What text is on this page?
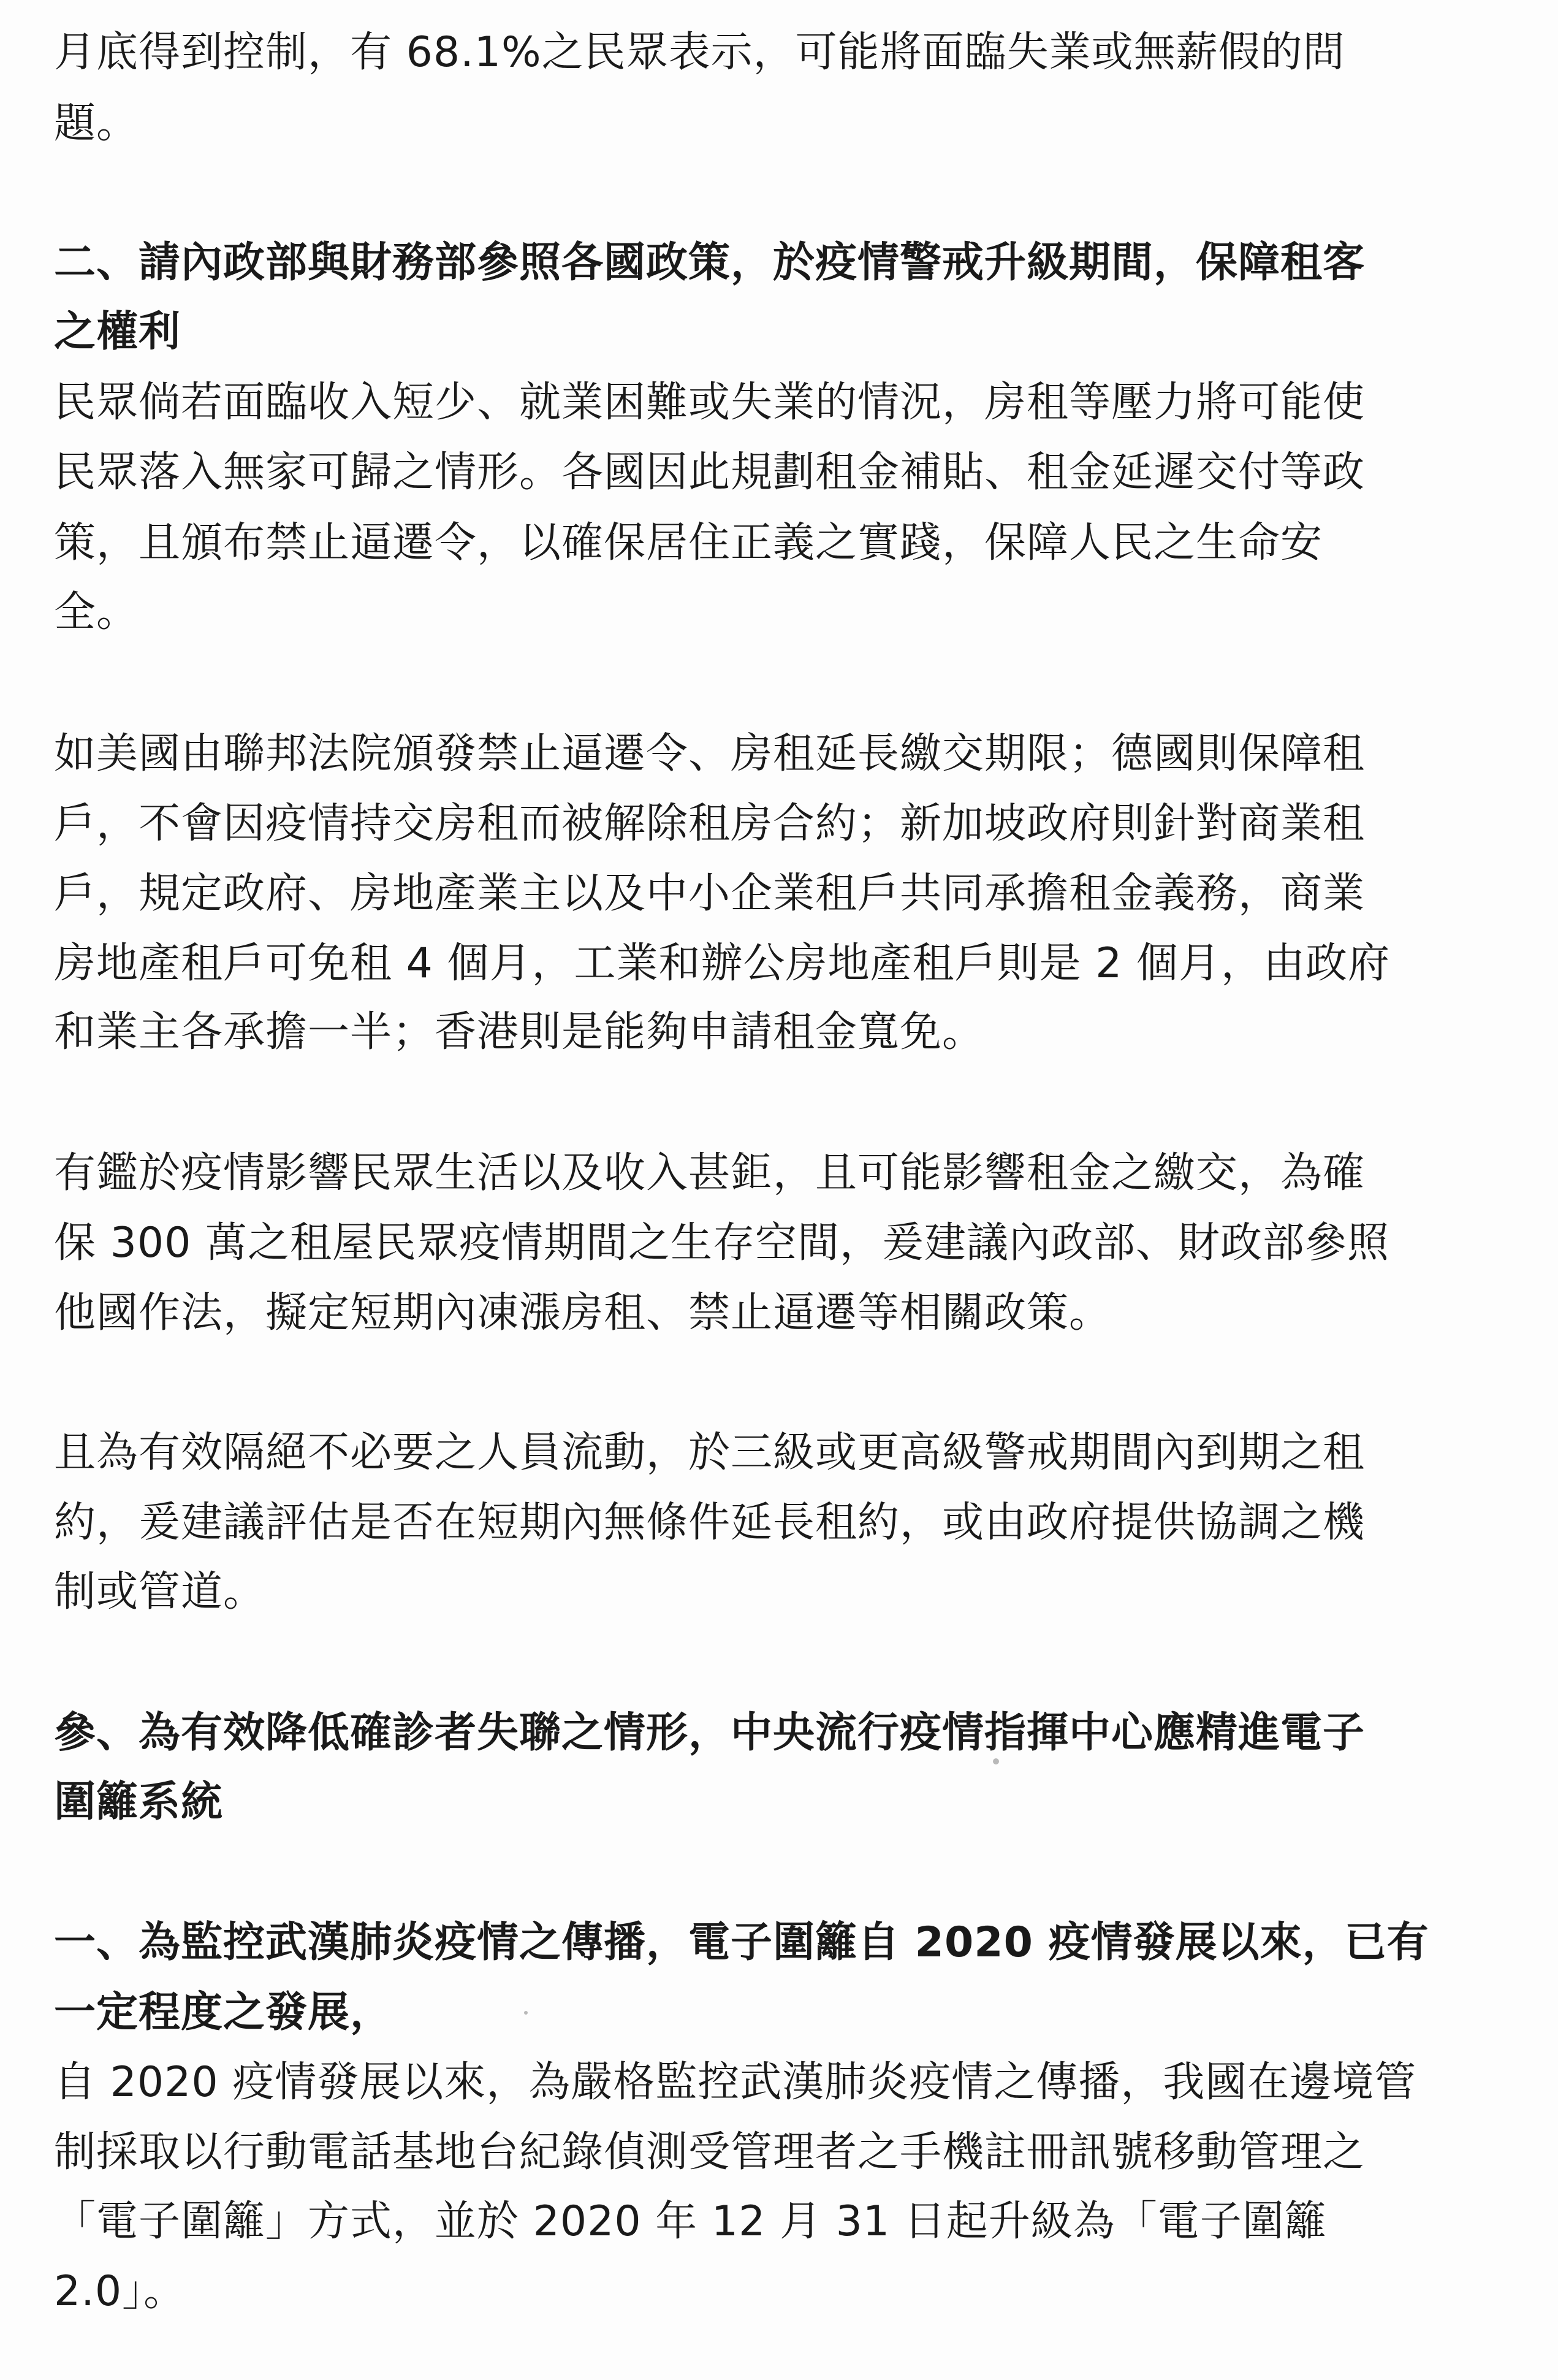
月底得到控制，有 68.1%之民眾表示，可能將面臨失業或無薪假的問
題。
二、請內政部與財務部參照各國政策，於疫情警戒升級期間，保障租客
之權利
民眾倘若面臨收入短少、就業困難或失業的情況，房租等壓力將可能使
民眾落入無家可歸之情形。各國因此規劃租金補貼、租金延遲交付等政
策，且頒布禁止逼遷令，以確保居住正義之實踐，保障人民之生命安
全。
如美國由聯邦法院頒發禁止逼遷令、房租延長繳交期限；德國則保障租
戶，不會因疫情持交房租而被解除租房合約；新加坡政府則針對商業租
戶，規定政府、房地產業主以及中小企業租戶共同承擔租金義務，商業
房地產租戶可免租 4 個月，工業和辦公房地產租戶則是 2 個月，由政府
和業主各承擔一半；香港則是能夠申請租金寬免。
有鑑於疫情影響民眾生活以及收入甚鉅，且可能影響租金之繳交，為確
保 300 萬之租屋民眾疫情期間之生存空間，爰建議內政部、財政部參照
他國作法，擬定短期內凍漲房租、禁止逼遷等相關政策。
且為有效隔絕不必要之人員流動，於三級或更高級警戒期間內到期之租
約，爰建議評估是否在短期內無條件延長租約，或由政府提供協調之機
制或管道。
參、為有效降低確診者失聯之情形，中央流行疫情指揮中心應精進電子
圍籬系統
一、為監控武漢肺炎疫情之傳播，電子圍籬自 2020 疫情發展以來，已有
一定程度之發展，
自 2020 疫情發展以來，為嚴格監控武漢肺炎疫情之傳播，我國在邊境管
制採取以行動電話基地台紀錄偵測受管理者之手機註冊訊號移動管理之
「電子圍籬」方式，並於 2020 年 12 月 31 日起升級為「電子圍籬
2.0」。
